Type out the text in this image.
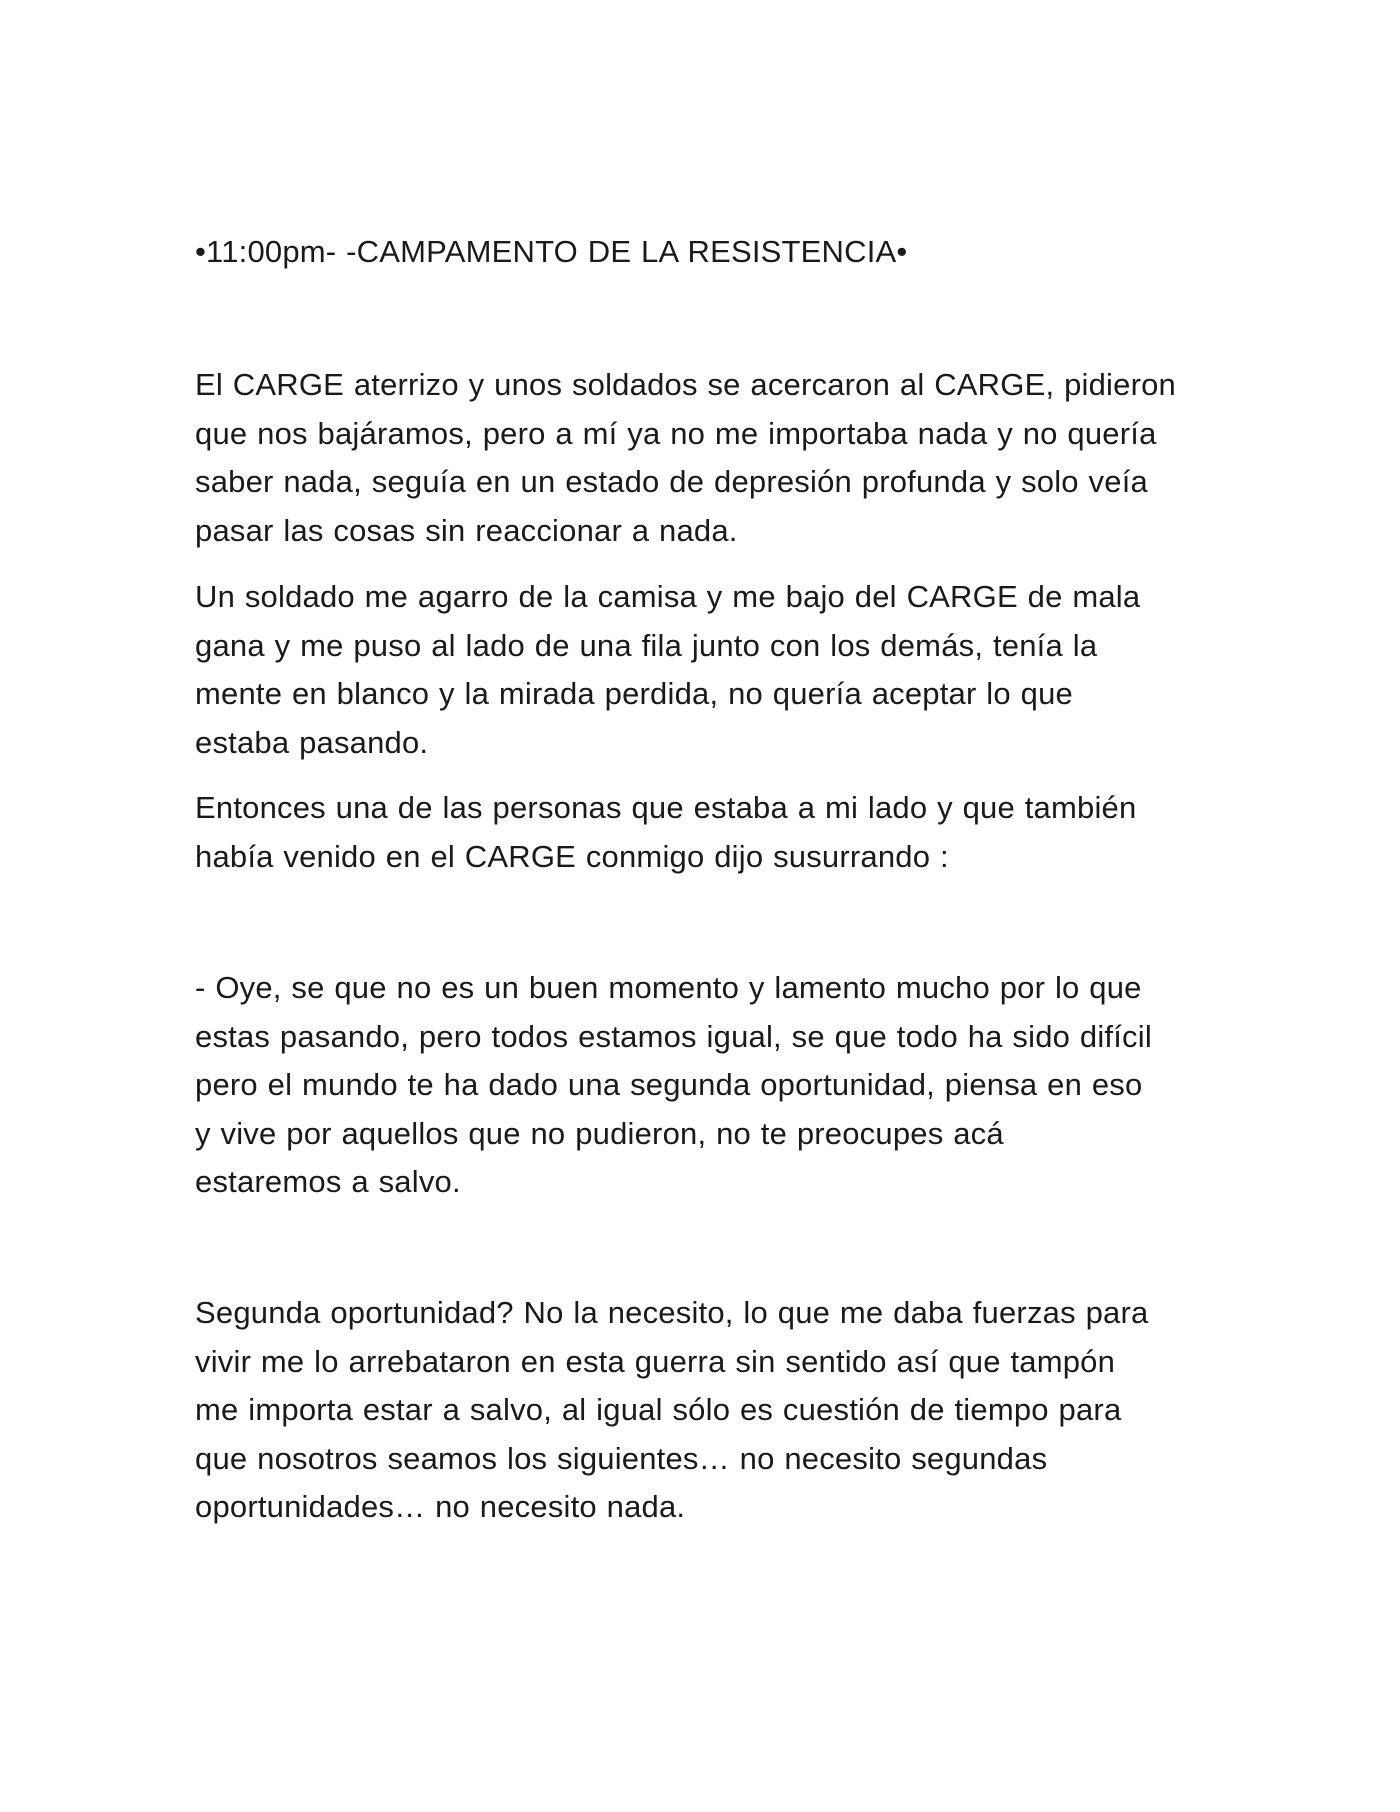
•11:00pm- -CAMPAMENTO DE LA RESISTENCIA•

El CARGE aterrizo y unos soldados se acercaron al CARGE, pidieron
que nos bajáramos, pero a mí ya no me importaba nada y no quería
saber nada, seguía en un estado de depresión profunda y solo veía
pasar las cosas sin reaccionar a nada.

Un soldado me agarro de la camisa y me bajo del CARGE de mala
gana y me puso al lado de una fila junto con los demás, tenía la
mente en blanco y la mirada perdida, no quería aceptar lo que
estaba pasando.

Entonces una de las personas que estaba a mi lado y que también
había venido en el CARGE conmigo dijo susurrando :

- Oye, se que no es un buen momento y lamento mucho por lo que
estas pasando, pero todos estamos igual, se que todo ha sido difícil
pero el mundo te ha dado una segunda oportunidad, piensa en eso
y vive por aquellos que no pudieron, no te preocupes acá
estaremos a salvo.

Segunda oportunidad? No la necesito, lo que me daba fuerzas para
vivir me lo arrebataron en esta guerra sin sentido así que tampón
me importa estar a salvo, al igual sólo es cuestión de tiempo para
que nosotros seamos los siguientes… no necesito segundas
oportunidades… no necesito nada.
